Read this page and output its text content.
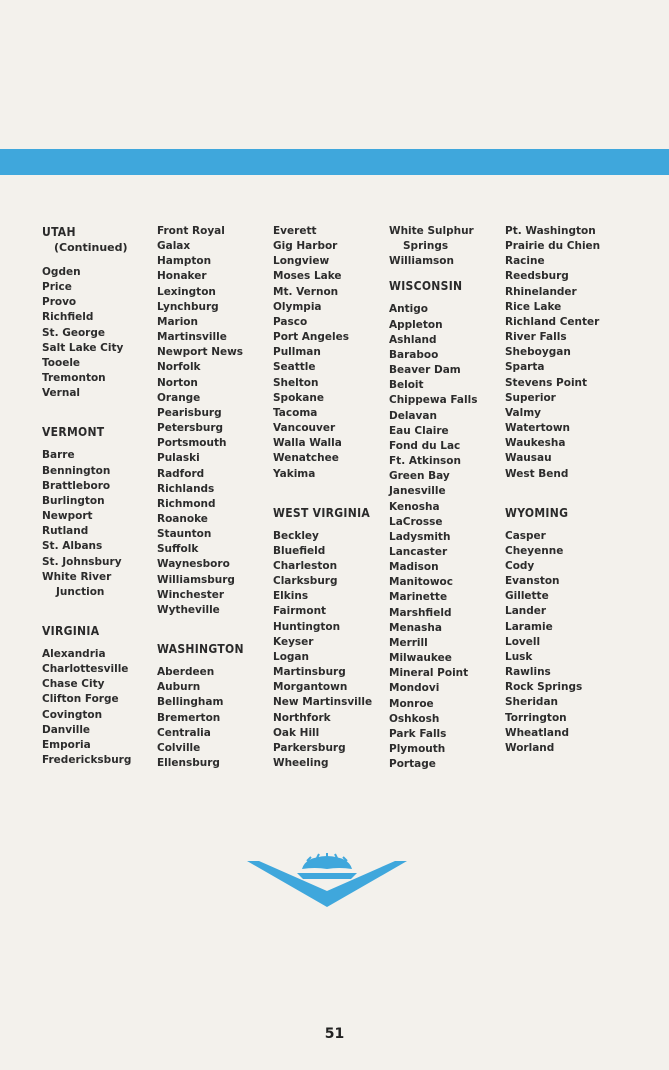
UTAH
(Continued)
Ogden
Price
Provo
Richfield
St. George
Salt Lake City
Tooele
Tremonton
Vernal
VERMONT
Barre
Bennington
Brattleboro
Burlington
Newport
Rutland
St. Albans
St. Johnsbury
White River
Junction
VIRGINIA
Alexandria
Charlottesville
Chase City
Clifton Forge
Covington
Danville
Emporia
Fredericksburg
Front Royal
Galax
Hampton
Honaker
Lexington
Lynchburg
Marion
Martinsville
Newport News
Norfolk
Norton
Orange
Pearisburg
Petersburg
Portsmouth
Pulaski
Radford
Richlands
Richmond
Roanoke
Staunton
Suffolk
Waynesboro
Williamsburg
Winchester
Wytheville
WASHINGTON
Aberdeen
Auburn
Bellingham
Bremerton
Centralia
Colville
Ellensburg
Everett
Gig Harbor
Longview
Moses Lake
Mt. Vernon
Olympia
Pasco
Port Angeles
Pullman
Seattle
Shelton
Spokane
Tacoma
Vancouver
Walla Walla
Wenatchee
Yakima
WEST VIRGINIA
Beckley
Bluefield
Charleston
Clarksburg
Elkins
Fairmont
Huntington
Keyser
Logan
Martinsburg
Morgantown
New Martinsville
Northfork
Oak Hill
Parkersburg
Wheeling
White Sulphur
Springs
Williamson
WISCONSIN
Antigo
Appleton
Ashland
Baraboo
Beaver Dam
Beloit
Chippewa Falls
Delavan
Eau Claire
Fond du Lac
Ft. Atkinson
Green Bay
Janesville
Kenosha
LaCrosse
Ladysmith
Lancaster
Madison
Manitowoc
Marinette
Marshfield
Menasha
Merrill
Milwaukee
Mineral Point
Mondovi
Monroe
Oshkosh
Park Falls
Plymouth
Portage
Pt. Washington
Prairie du Chien
Racine
Reedsburg
Rhinelander
Rice Lake
Richland Center
River Falls
Sheboygan
Sparta
Stevens Point
Superior
Valmy
Watertown
Waukesha
Wausau
West Bend
WYOMING
Casper
Cheyenne
Cody
Evanston
Gillette
Lander
Laramie
Lovell
Lusk
Rawlins
Rock Springs
Sheridan
Torrington
Wheatland
Worland
51
